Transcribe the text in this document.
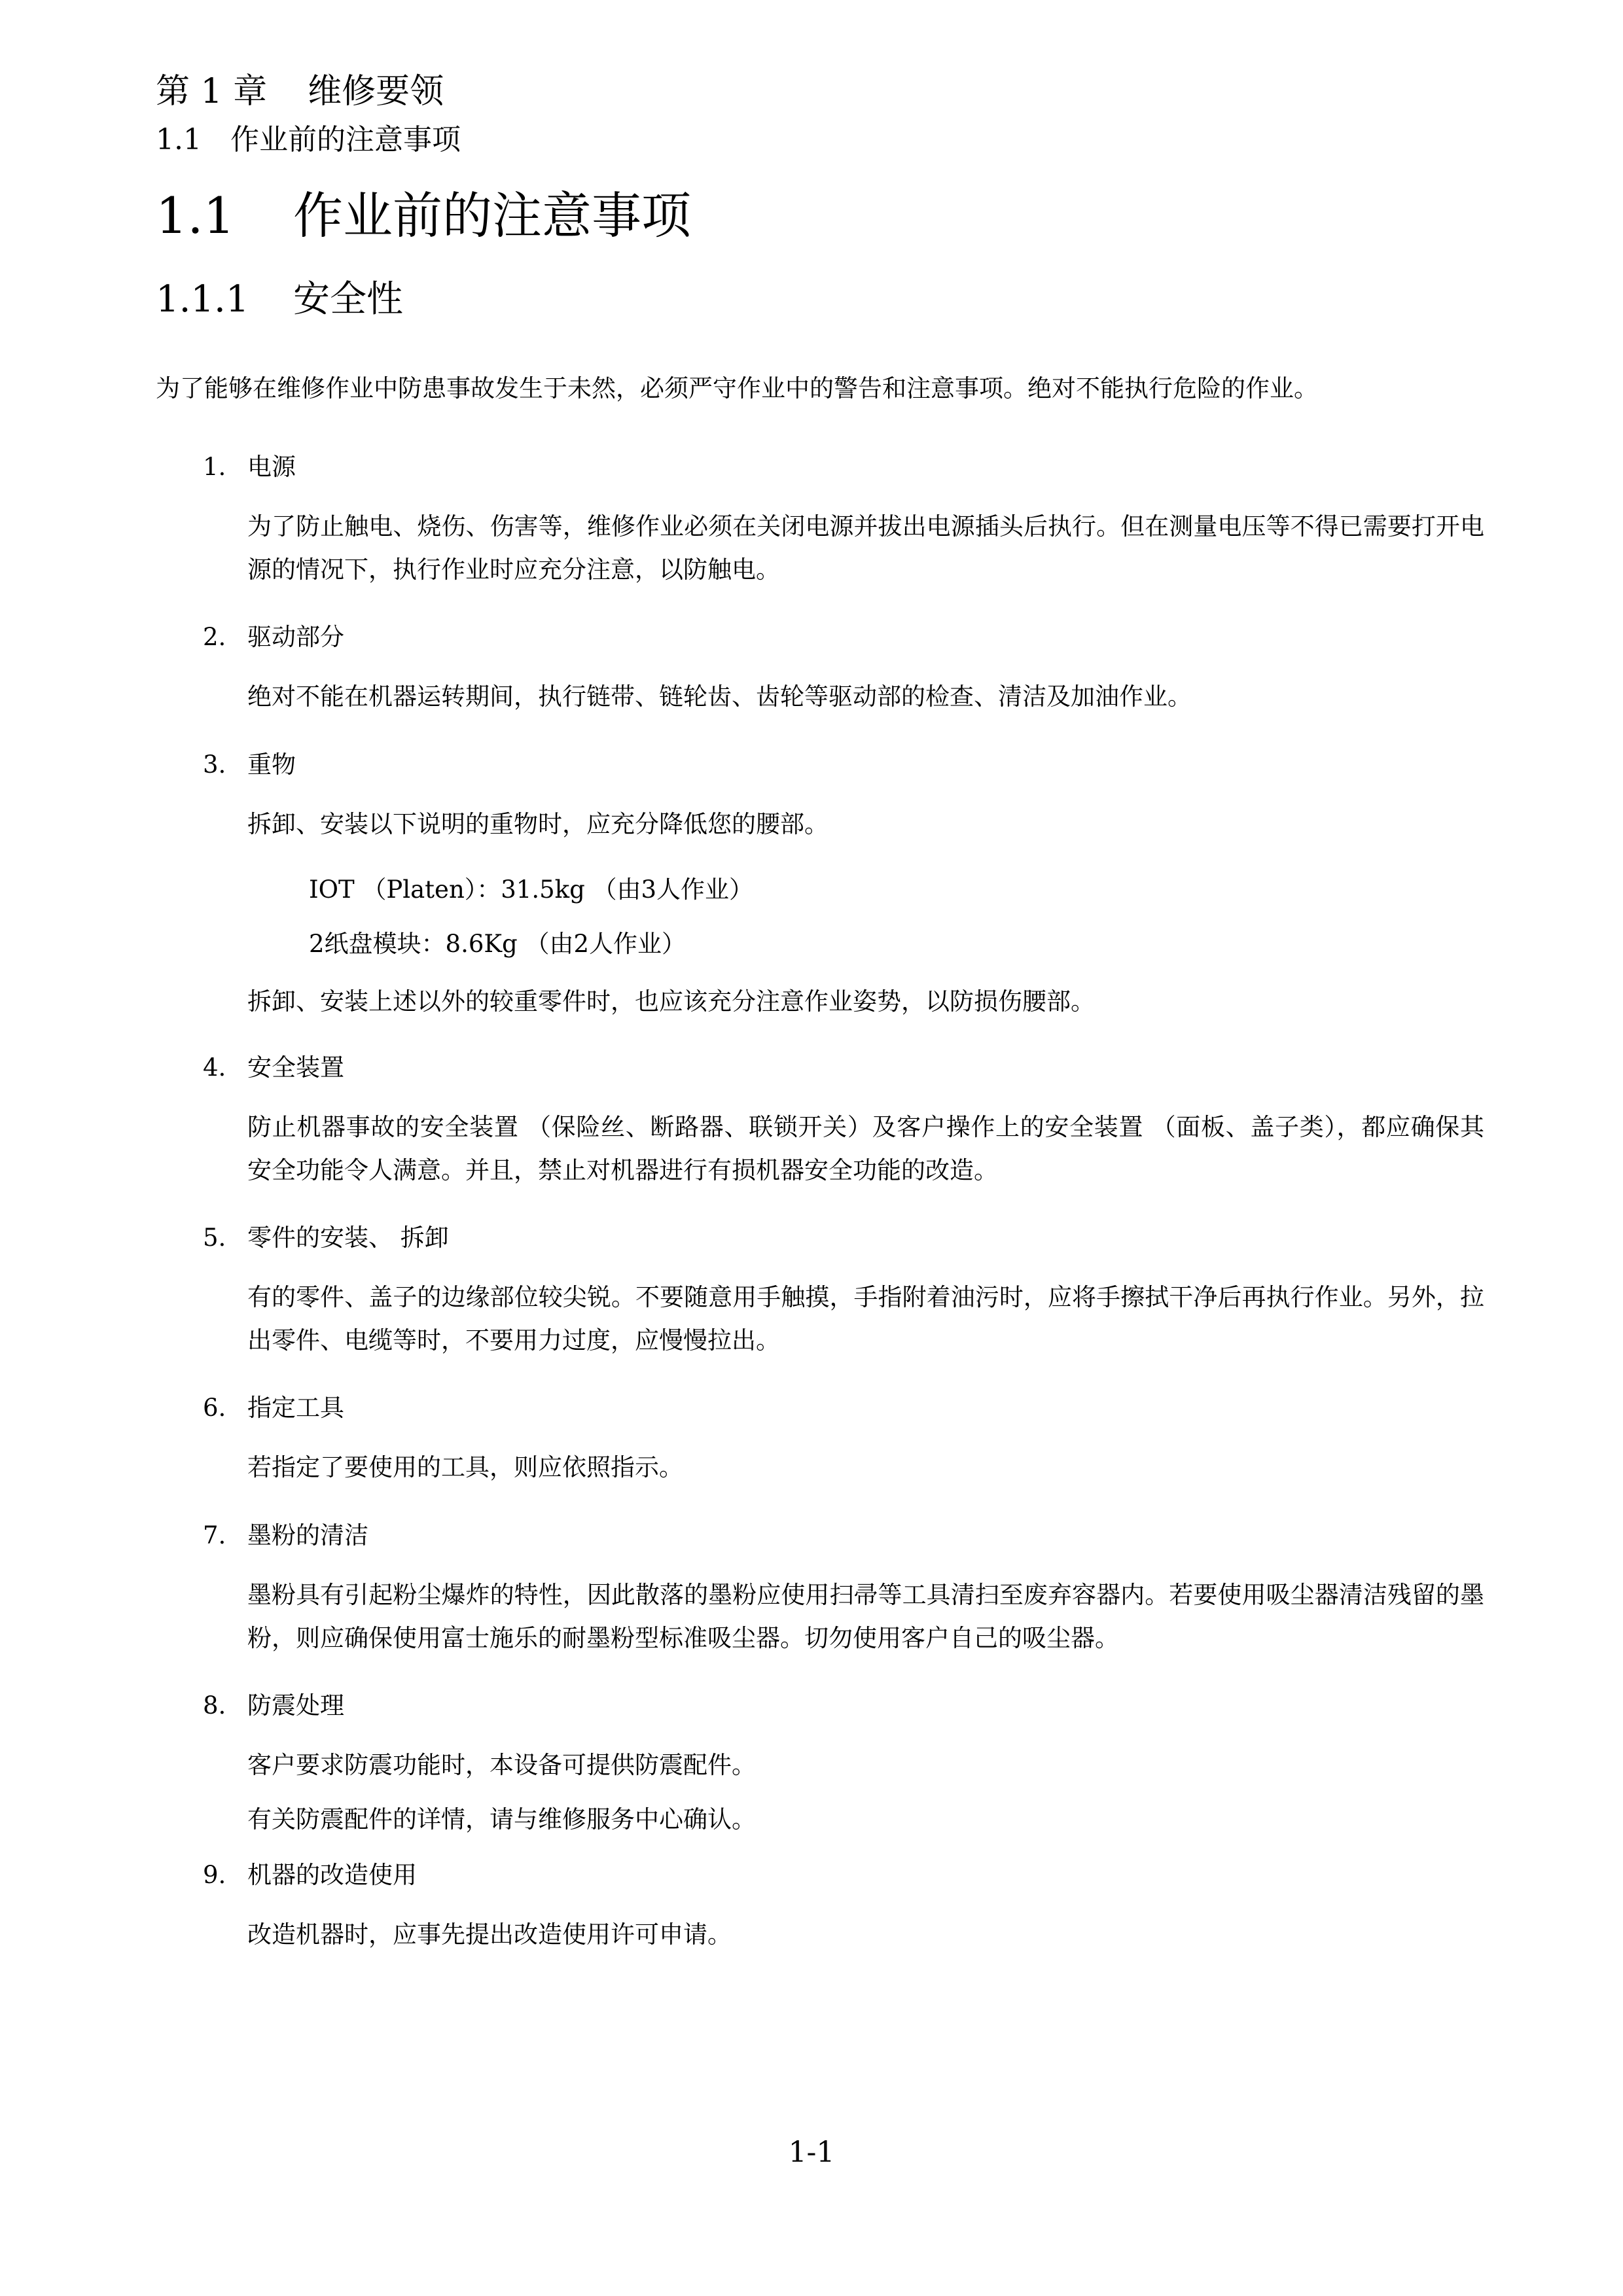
第 1 章 维修要领
1.1 作业前的注意事项
1.1 作业前的注意事项
1.1.1 安全性
为了能够在维修作业中防患事故发生于未然，必须严守作业中的警告和注意事项。绝对不能执行危险的作业。
1. 电源
为了防止触电、烧伤、伤害等，维修作业必须在关闭电源并拔出电源插头后执行。但在测量电压等不得已需要打开电源的情况下，执行作业时应充分注意，以防触电。
2. 驱动部分
绝对不能在机器运转期间，执行链带、链轮齿、齿轮等驱动部的检查、清洁及加油作业。
3. 重物
拆卸、安装以下说明的重物时，应充分降低您的腰部。
IOT （Platen）：31.5kg （由3人作业）
2纸盘模块：8.6Kg （由2人作业）
拆卸、安装上述以外的较重零件时，也应该充分注意作业姿势，以防损伤腰部。
4. 安全装置
防止机器事故的安全装置 （保险丝、断路器、联锁开关）及客户操作上的安全装置 （面板、盖子类），都应确保其安全功能令人满意。并且，禁止对机器进行有损机器安全功能的改造。
5. 零件的安装、 拆卸
有的零件、盖子的边缘部位较尖锐。不要随意用手触摸，手指附着油污时，应将手擦拭干净后再执行作业。另外，拉出零件、电缆等时，不要用力过度，应慢慢拉出。
6. 指定工具
若指定了要使用的工具，则应依照指示。
7. 墨粉的清洁
墨粉具有引起粉尘爆炸的特性，因此散落的墨粉应使用扫帚等工具清扫至废弃容器内。若要使用吸尘器清洁残留的墨粉，则应确保使用富士施乐的耐墨粉型标准吸尘器。切勿使用客户自己的吸尘器。
8. 防震处理
客户要求防震功能时，本设备可提供防震配件。
有关防震配件的详情，请与维修服务中心确认。
9. 机器的改造使用
改造机器时，应事先提出改造使用许可申请。
1-1
